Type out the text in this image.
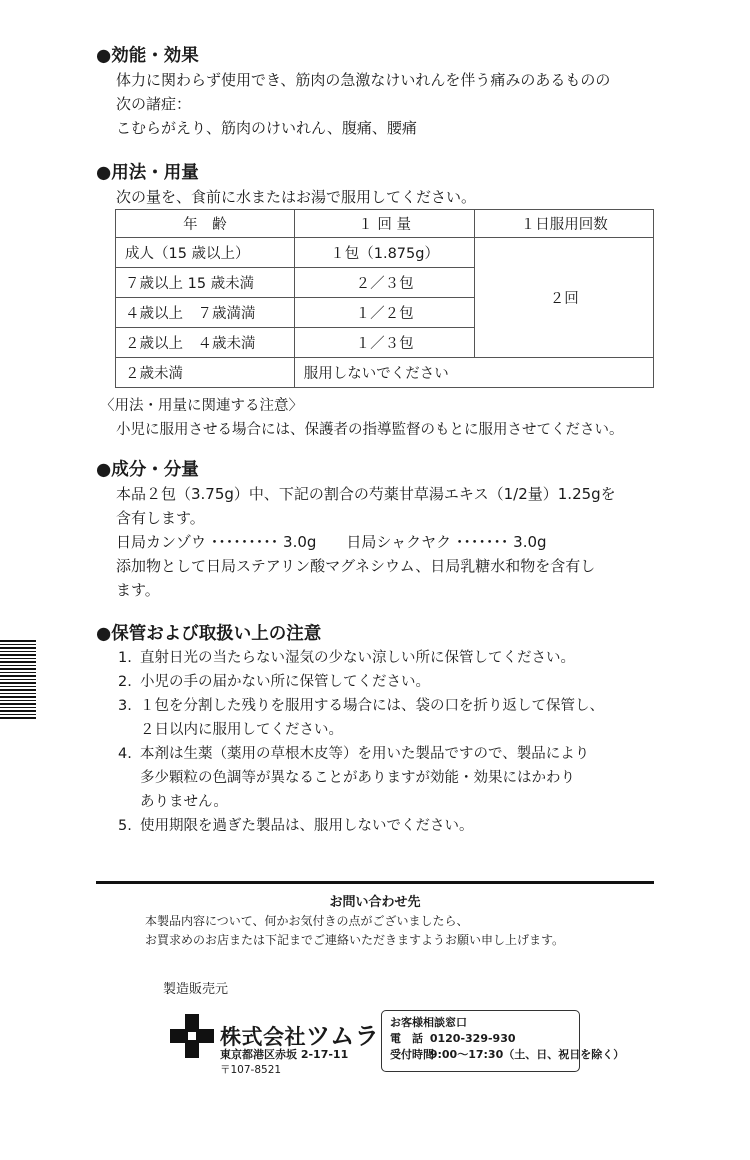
●効能・効果

体力に関わらず使用でき、筋肉の急激なけいれんを伴う痛みのあるものの

次の諸症：

こむらがえり、筋肉のけいれん、腹痛、腰痛

●用法・用量

次の量を、食前に水またはお湯で服用してください。

年　齢	１ 回 量	１日服用回数
成人（15 歳以上）	１包（1.875g）	２回
７歳以上 15 歳未満	２／３包	
４歳以上　７歳満満	１／２包	
２歳以上　４歳未満	１／３包	
２歳未満	服用しないでください	

〈用法・用量に関連する注意〉

小児に服用させる場合には、保護者の指導監督のもとに服用させてください。

●成分・分量

本品２包（3.75g）中、下記の割合の芍薬甘草湯エキス（1/2量）1.25gを

含有します。

日局カンゾウ ･････････ 3.0g　　日局シャクヤク ･･･････ 3.0g

添加物として日局ステアリン酸マグネシウム、日局乳糖水和物を含有し

ます。

●保管および取扱い上の注意
1. 直射日光の当たらない湿気の少ない涼しい所に保管してください。
2. 小児の手の届かない所に保管してください。
3. １包を分割した残りを服用する場合には、袋の口を折り返して保管し、
２日以内に服用してください。
4. 本剤は生薬（薬用の草根木皮等）を用いた製品ですので、製品により
多少顆粒の色調等が異なることがありますが効能・効果にはかわり
ありません。
5. 使用期限を過ぎた製品は、服用しないでください。
お問い合わせ先
本製品内容について、何かお気付きの点がございましたら、
お買求めのお店または下記までご連絡いただきますようお願い申し上げます。
製造販売元
株式会社ツムラ
東京都港区赤坂 2-17-11
〒107-8521
お客様相談窓口
電　話 0120-329-930
受付時間 9:00～17:30（土、日、祝日を除く）
